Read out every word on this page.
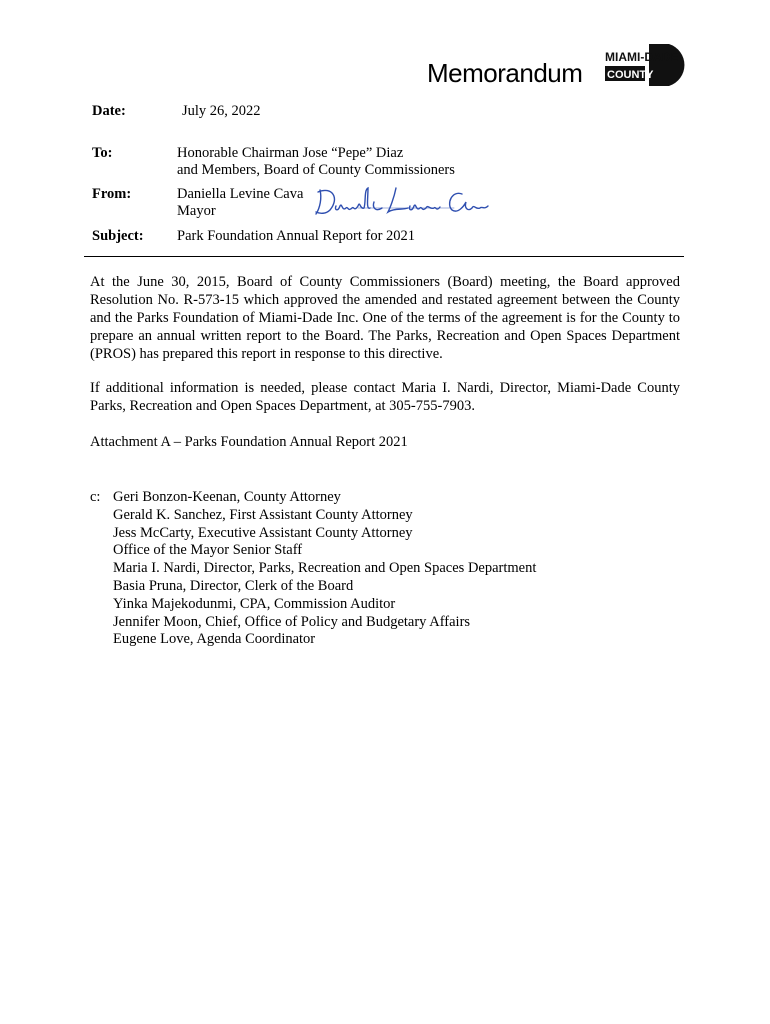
Memorandum
MIAMI-DADE
COUNTY
Date:	July 26, 2022
To:	Honorable Chairman Jose “Pepe” Diaz
and Members, Board of County Commissioners
From:	Daniella Levine Cava
Mayor
Subject:	Park Foundation Annual Report for 2021

At the June 30, 2015, Board of County Commissioners (Board) meeting, the Board approved Resolution No. R-573-15 which approved the amended and restated agreement between the County and the Parks Foundation of Miami-Dade Inc. One of the terms of the agreement is for the County to prepare an annual written report to the Board. The Parks, Recreation and Open Spaces Department (PROS) has prepared this report in response to this directive.

If additional information is needed, please contact Maria I. Nardi, Director, Miami-Dade County Parks, Recreation and Open Spaces Department, at 305-755-7903.

Attachment A – Parks Foundation Annual Report 2021

c: Geri Bonzon-Keenan, County Attorney
Gerald K. Sanchez, First Assistant County Attorney
Jess McCarty, Executive Assistant County Attorney
Office of the Mayor Senior Staff
Maria I. Nardi, Director, Parks, Recreation and Open Spaces Department
Basia Pruna, Director, Clerk of the Board
Yinka Majekodunmi, CPA, Commission Auditor
Jennifer Moon, Chief, Office of Policy and Budgetary Affairs
Eugene Love, Agenda Coordinator
